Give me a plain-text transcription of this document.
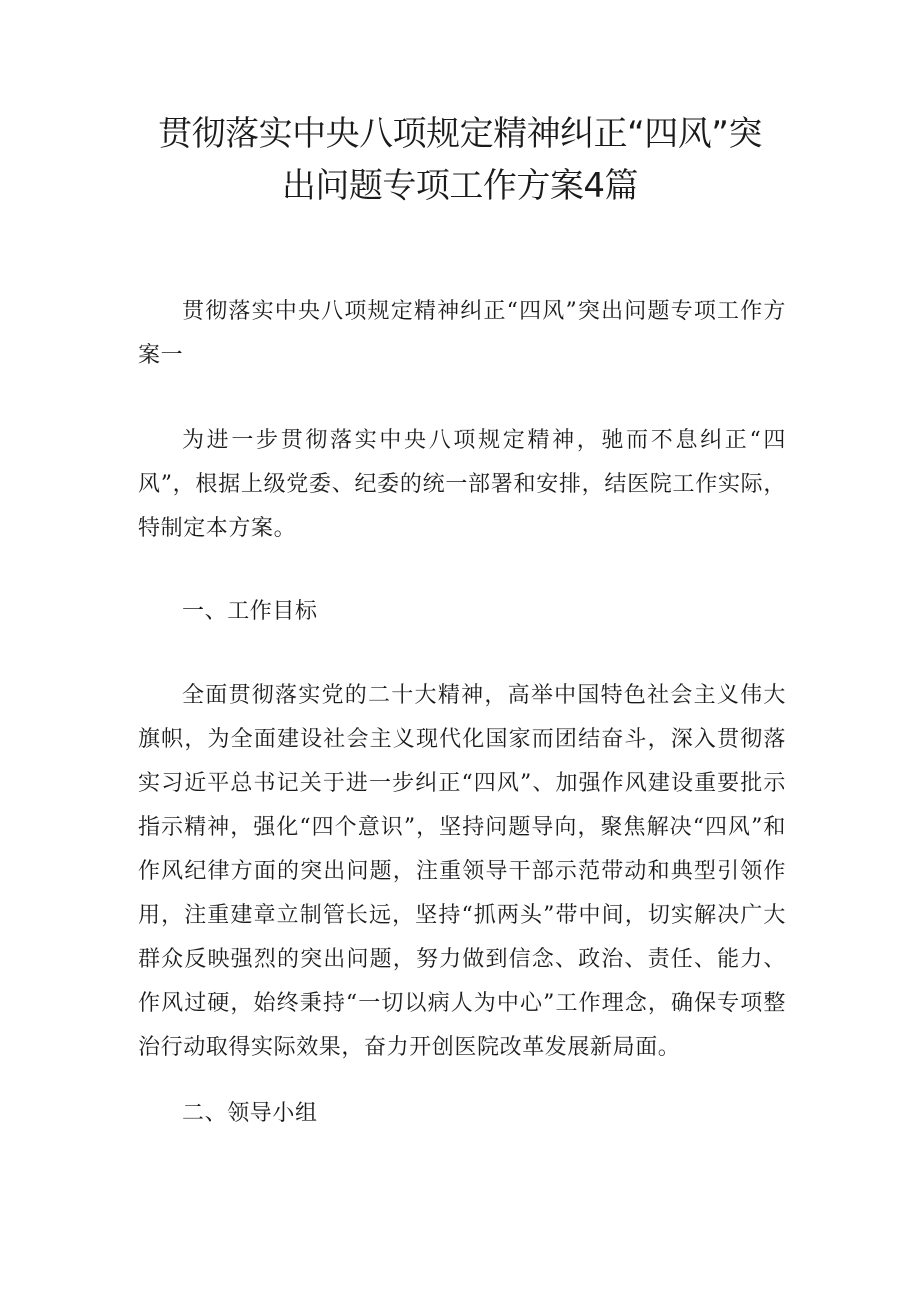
贯彻落实中央八项规定精神纠正“四风”突
出问题专项工作方案4篇

贯彻落实中央八项规定精神纠正“四风”突出问题专项工作方案一

为进一步贯彻落实中央八项规定精神，驰而不息纠正“四风”，根据上级党委、纪委的统一部署和安排，结医院工作实际，特制定本方案。

一、工作目标

全面贯彻落实党的二十大精神，高举中国特色社会主义伟大旗帜，为全面建设社会主义现代化国家而团结奋斗，深入贯彻落实习近平总书记关于进一步纠正“四风”、加强作风建设重要批示指示精神，强化“四个意识”，坚持问题导向，聚焦解决“四风”和作风纪律方面的突出问题，注重领导干部示范带动和典型引领作用，注重建章立制管长远，坚持“抓两头”带中间，切实解决广大群众反映强烈的突出问题，努力做到信念、政治、责任、能力、作风过硬，始终秉持“一切以病人为中心”工作理念，确保专项整治行动取得实际效果，奋力开创医院改革发展新局面。

二、领导小组
